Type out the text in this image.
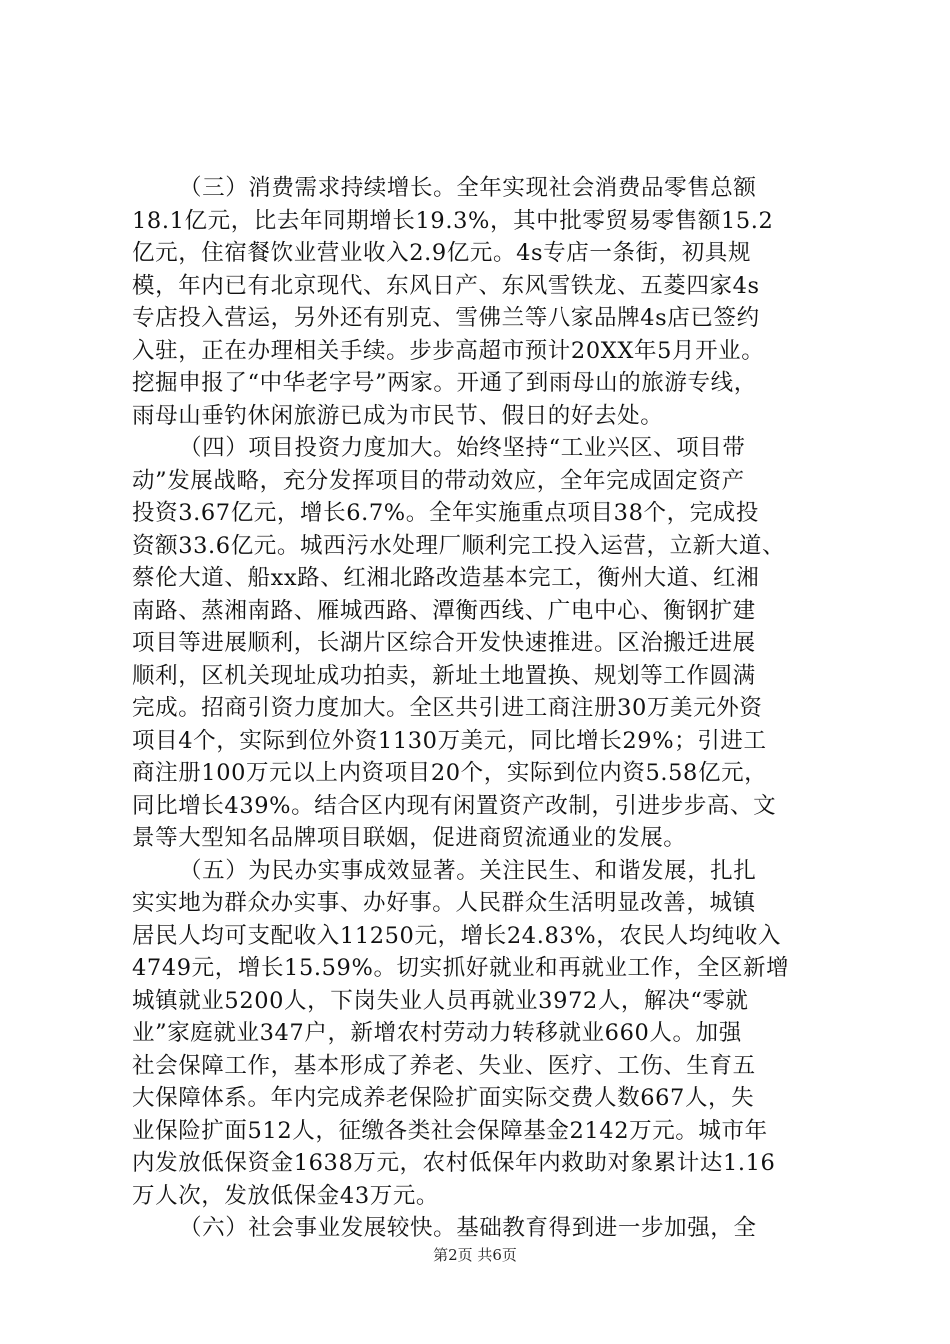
（三）消费需求持续增长。全年实现社会消费品零售总额
18.1亿元，比去年同期增长19.3%，其中批零贸易零售额15.2
亿元，住宿餐饮业营业收入2.9亿元。4s专店一条街，初具规
模，年内已有北京现代、东风日产、东风雪铁龙、五菱四家4s
专店投入营运，另外还有别克、雪佛兰等八家品牌4s店已签约
入驻，正在办理相关手续。步步高超市预计20XX年5月开业。
挖掘申报了“中华老字号”两家。开通了到雨母山的旅游专线，
雨母山垂钓休闲旅游已成为市民节、假日的好去处。
（四）项目投资力度加大。始终坚持“工业兴区、项目带
动”发展战略，充分发挥项目的带动效应，全年完成固定资产
投资3.67亿元，增长6.7%。全年实施重点项目38个，完成投
资额33.6亿元。城西污水处理厂顺利完工投入运营，立新大道、
蔡伦大道、船xx路、红湘北路改造基本完工，衡州大道、红湘
南路、蒸湘南路、雁城西路、潭衡西线、广电中心、衡钢扩建
项目等进展顺利，长湖片区综合开发快速推进。区治搬迁进展
顺利，区机关现址成功拍卖，新址土地置换、规划等工作圆满
完成。招商引资力度加大。全区共引进工商注册30万美元外资
项目4个，实际到位外资1130万美元，同比增长29%；引进工
商注册100万元以上内资项目20个，实际到位内资5.58亿元，
同比增长439%。结合区内现有闲置资产改制，引进步步高、文
景等大型知名品牌项目联姻，促进商贸流通业的发展。
（五）为民办实事成效显著。关注民生、和谐发展，扎扎
实实地为群众办实事、办好事。人民群众生活明显改善，城镇
居民人均可支配收入11250元，增长24.83%，农民人均纯收入
4749元，增长15.59%。切实抓好就业和再就业工作，全区新增
城镇就业5200人，下岗失业人员再就业3972人，解决“零就
业”家庭就业347户，新增农村劳动力转移就业660人。加强
社会保障工作，基本形成了养老、失业、医疗、工伤、生育五
大保障体系。年内完成养老保险扩面实际交费人数667人，失
业保险扩面512人，征缴各类社会保障基金2142万元。城市年
内发放低保资金1638万元，农村低保年内救助对象累计达1.16
万人次，发放低保金43万元。
（六）社会事业发展较快。基础教育得到进一步加强，全
第2页 共6页
